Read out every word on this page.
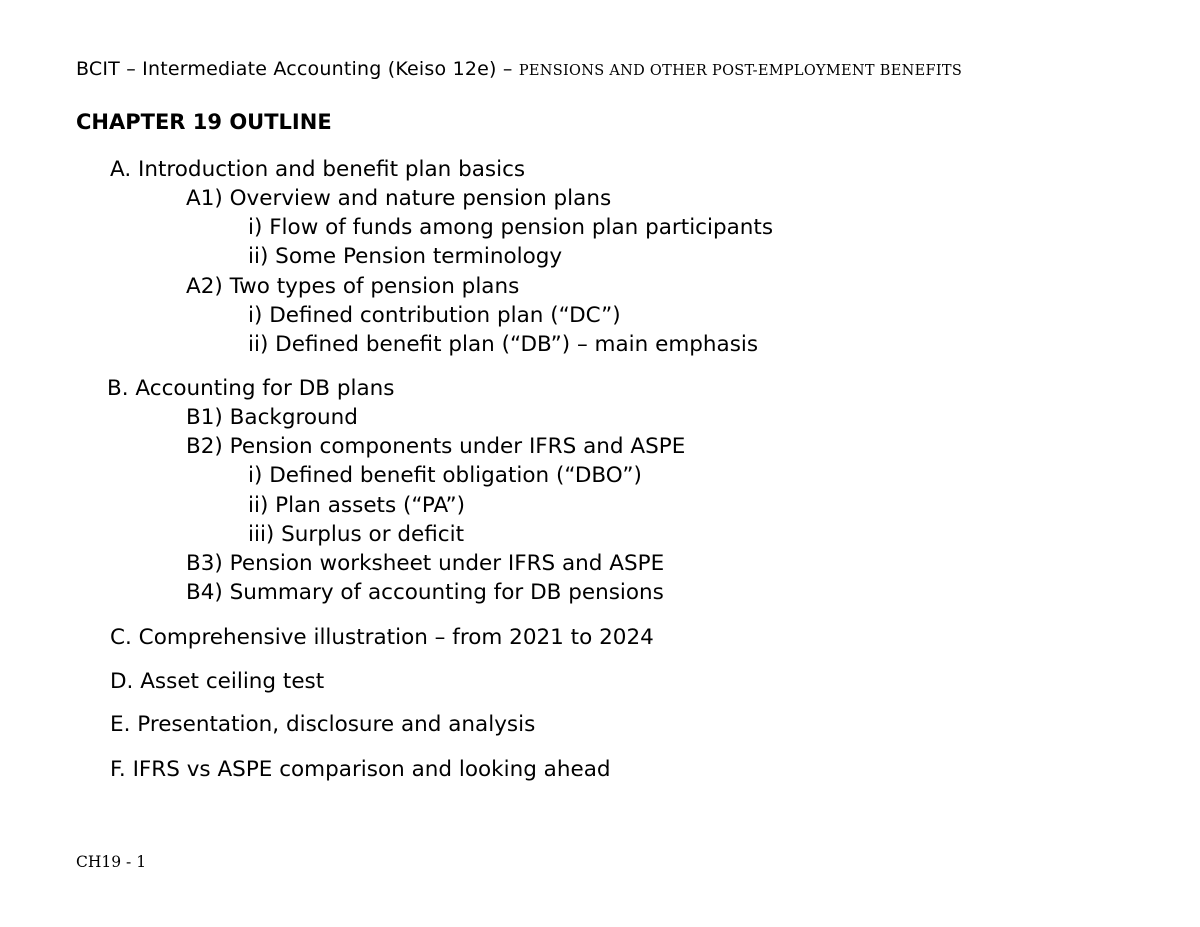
BCIT – Intermediate Accounting (Keiso 12e) – PENSIONS AND OTHER POST-EMPLOYMENT BENEFITS
CHAPTER 19 OUTLINE
A. Introduction and benefit plan basics
A1) Overview and nature pension plans
i) Flow of funds among pension plan participants
ii) Some Pension terminology
A2) Two types of pension plans
i) Defined contribution plan (“DC”)
ii) Defined benefit plan (“DB”) – main emphasis
B. Accounting for DB plans
B1) Background
B2) Pension components under IFRS and ASPE
i) Defined benefit obligation (“DBO”)
ii) Plan assets (“PA”)
iii) Surplus or deficit
B3) Pension worksheet under IFRS and ASPE
B4) Summary of accounting for DB pensions
C. Comprehensive illustration – from 2021 to 2024
D. Asset ceiling test
E. Presentation, disclosure and analysis
F. IFRS vs ASPE comparison and looking ahead
CH19 - 1
